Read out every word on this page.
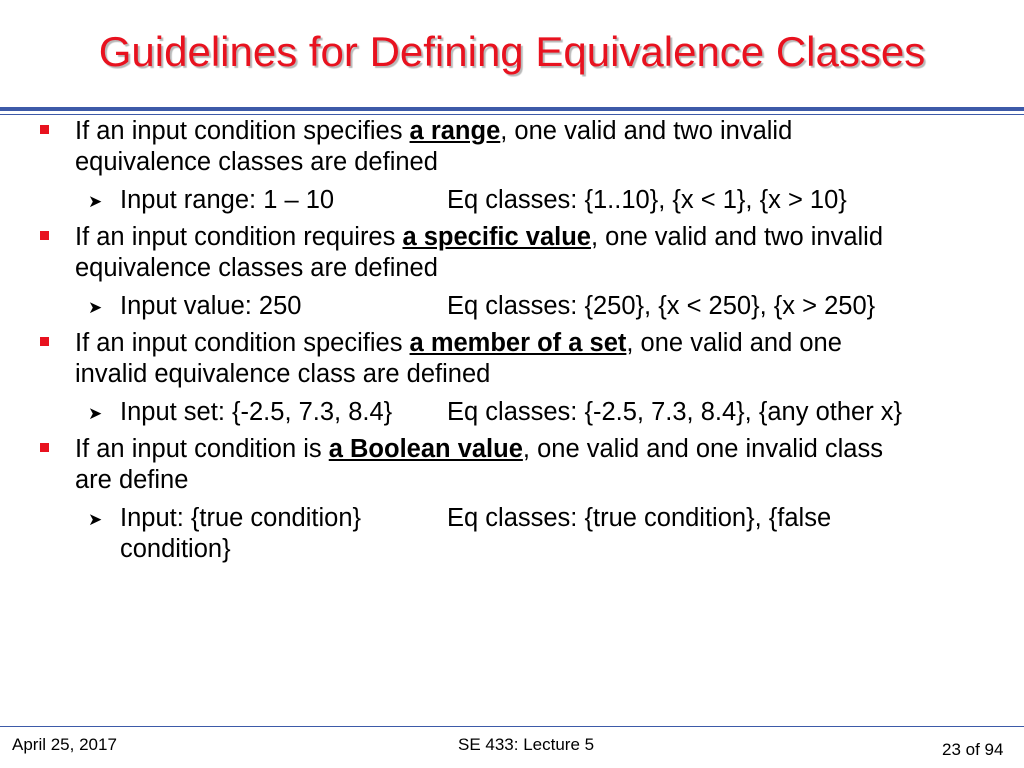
Guidelines for Defining Equivalence Classes
If an input condition specifies a range, one valid and two invalid
equivalence classes are defined
➤ Input range: 1 – 10	Eq classes: {1..10}, {x < 1}, {x > 10}
If an input condition requires a specific value, one valid and two invalid
equivalence classes are defined
➤ Input value: 250	Eq classes: {250}, {x < 250}, {x > 250}
If an input condition specifies a member of a set, one valid and one
invalid equivalence class are defined
➤ Input set: {-2.5, 7.3, 8.4} Eq classes: {-2.5, 7.3, 8.4}, {any other x}
If an input condition is a Boolean value, one valid and one invalid class
are define
➤ Input: {true condition}	Eq classes: {true condition}, {false
condition}
April 25, 2017	SE 433: Lecture 5	23 of 94
